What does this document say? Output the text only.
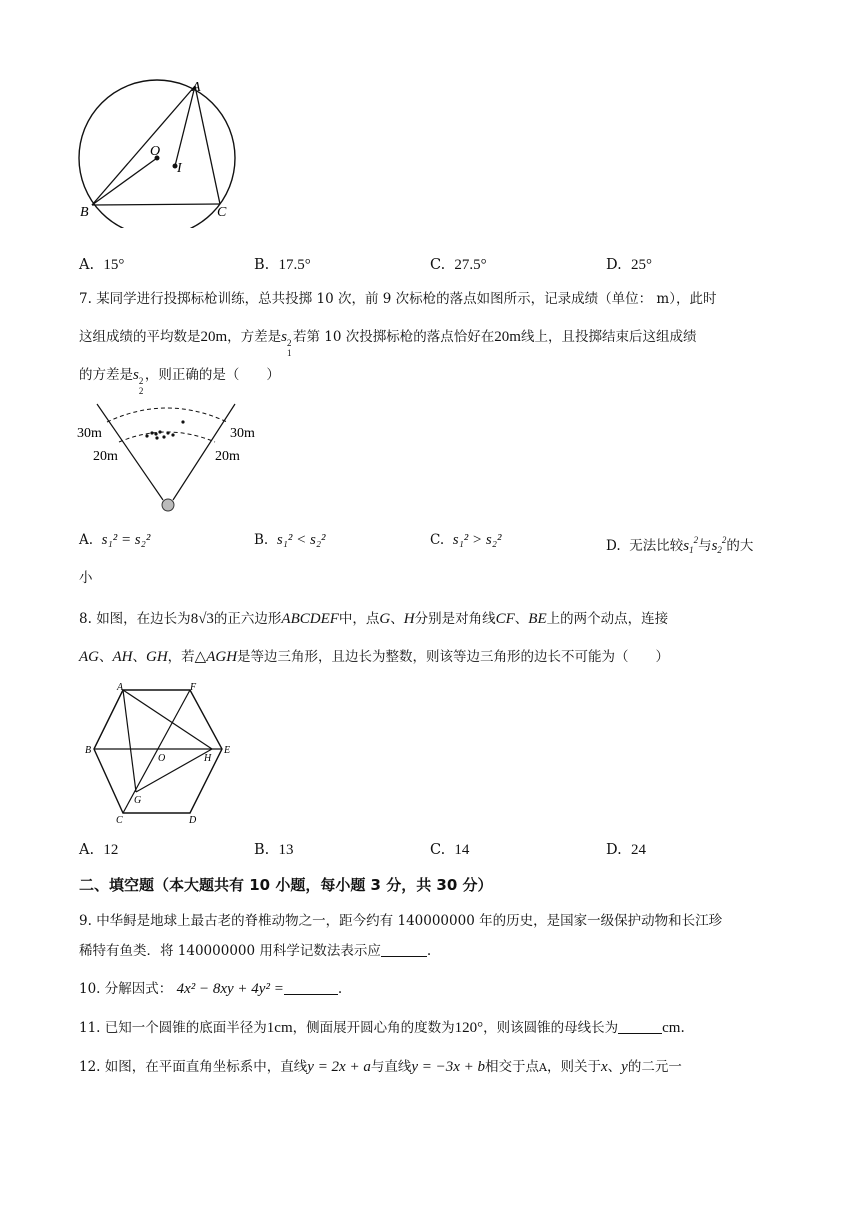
A
O
I
B	C
A. 15°	B. 17.5°	C. 27.5°	D. 25°
7. 某同学进行投掷标枪训练，总共投掷 10 次，前 9 次标枪的落点如图所示，记录成绩（单位： m），此时
这组成绩的平均数是20m，方差是s 2
1
若第 10 次投掷标枪的落点恰好在20m线上，且投掷结束后这组成绩
的方差是s 2
2
，则正确的是（　　）
30m	30m
20m	20m
A. s₁² = s₂²	B. s₁² < s₂²	C. s₁² > s₂²	D. 无法比较$s_1^2$与$s_2^2$的大
小
8. 如图，在边长为8√3的正六边形ABCDEF中，点G、H分别是对角线CF、BE上的两个动点，连接
AG、AH、GH，若△AGH是等边三角形，且边长为整数，则该等边三角形的边长不可能为（　　）
A	F
B
O	H
E
G
C	D
A. 12	B. 13	C. 14	D. 24
二、填空题（本大题共有 10 小题，每小题 3 分，共 30 分）
9. 中华鲟是地球上最古老的脊椎动物之一，距今约有 140000000 年的历史，是国家一级保护动物和长江珍
稀特有鱼类．将 140000000 用科学记数法表示应	.
10. 分解因式： 4x² − 8xy + 4y² =	.
11. 已知一个圆锥的底面半径为1cm，侧面展开圆心角的度数为120°，则该圆锥的母线长为	cm.
12. 如图，在平面直角坐标系中，直线y = 2x + a与直线y = −3x + b相交于点A，则关于x、y的二元一
